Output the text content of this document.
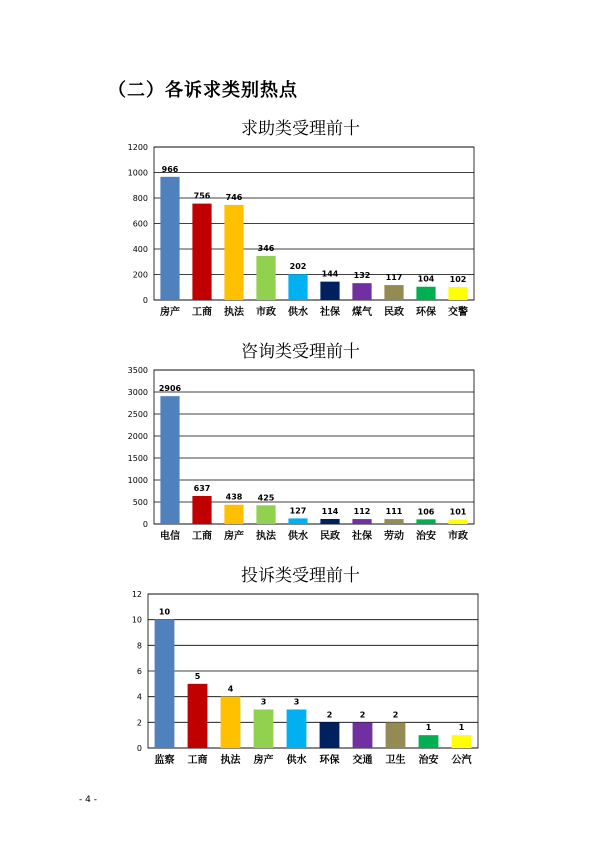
（二）各诉求类别热点
求助类受理前十
0
200
400
600
800
1000
1200
966
房产
756
工商
746
执法
346
市政
202
供水
144
社保
132
煤气
117
民政
104
环保
102
交警
咨询类受理前十
0
500
1000
1500
2000
2500
3000
3500
2906
电信
637
工商
438
房产
425
执法
127
供水
114
民政
112
社保
111
劳动
106
治安
101
市政
投诉类受理前十
0
2
4
6
8
10
12
10
监察
5
工商
4
执法
3
房产
3
供水
2
环保
2
交通
2
卫生
1
治安
1
公汽
- 4 -
